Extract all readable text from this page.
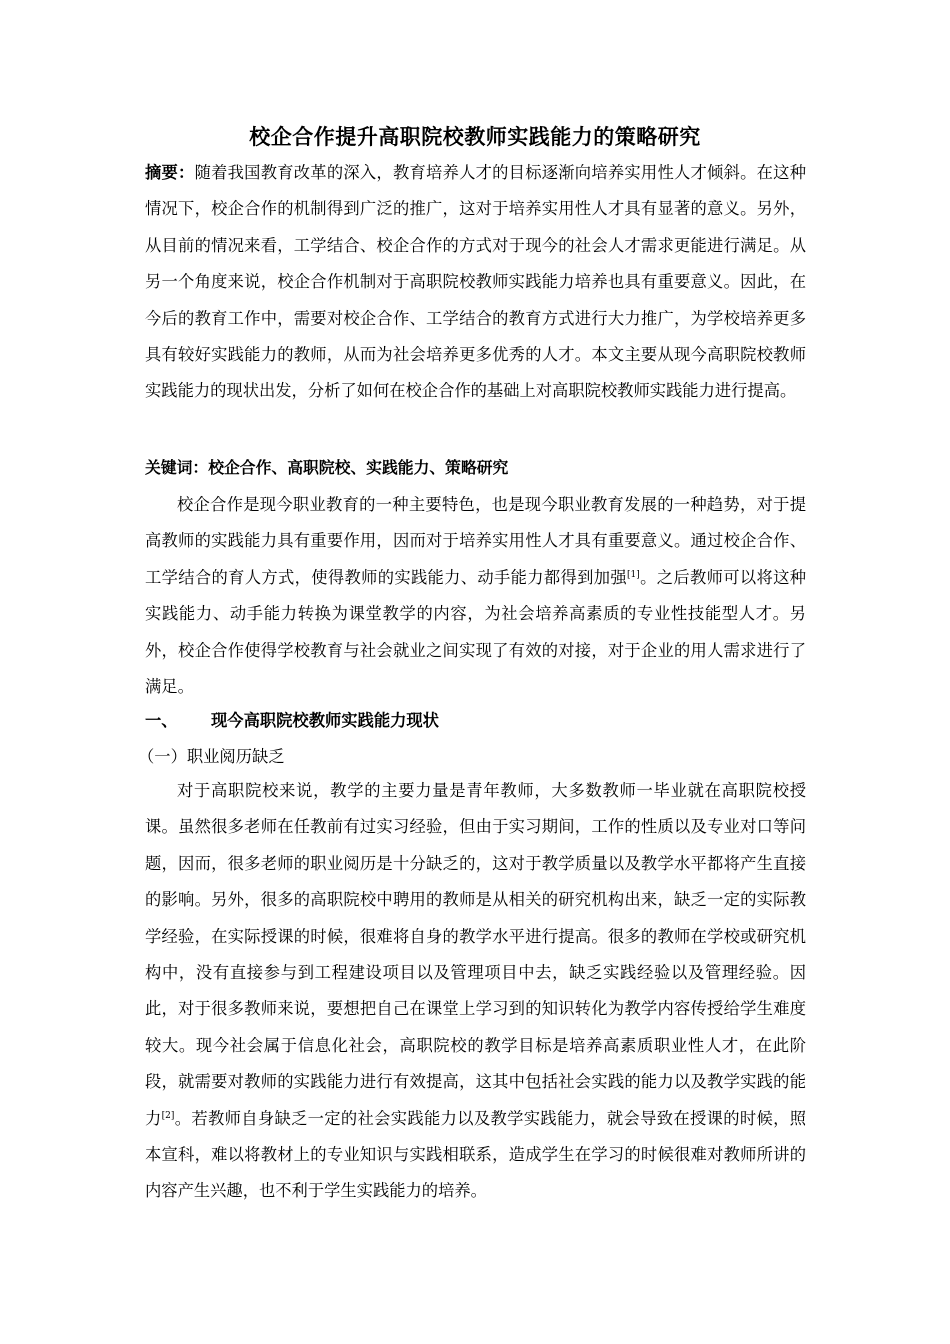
校企合作提升高职院校教师实践能力的策略研究
摘要：随着我国教育改革的深入，教育培养人才的目标逐渐向培养实用性人才倾斜。在这种情况下，校企合作的机制得到广泛的推广，这对于培养实用性人才具有显著的意义。另外，从目前的情况来看，工学结合、校企合作的方式对于现今的社会人才需求更能进行满足。从另一个角度来说，校企合作机制对于高职院校教师实践能力培养也具有重要意义。因此，在今后的教育工作中，需要对校企合作、工学结合的教育方式进行大力推广，为学校培养更多具有较好实践能力的教师，从而为社会培养更多优秀的人才。本文主要从现今高职院校教师实践能力的现状出发，分析了如何在校企合作的基础上对高职院校教师实践能力进行提高。
关键词：校企合作、高职院校、实践能力、策略研究
校企合作是现今职业教育的一种主要特色，也是现今职业教育发展的一种趋势，对于提高教师的实践能力具有重要作用，因而对于培养实用性人才具有重要意义。通过校企合作、工学结合的育人方式，使得教师的实践能力、动手能力都得到加强[1]。之后教师可以将这种实践能力、动手能力转换为课堂教学的内容，为社会培养高素质的专业性技能型人才。另外，校企合作使得学校教育与社会就业之间实现了有效的对接，对于企业的用人需求进行了满足。
一、 现今高职院校教师实践能力现状
（一）职业阅历缺乏
对于高职院校来说，教学的主要力量是青年教师，大多数教师一毕业就在高职院校授课。虽然很多老师在任教前有过实习经验，但由于实习期间，工作的性质以及专业对口等问题，因而，很多老师的职业阅历是十分缺乏的，这对于教学质量以及教学水平都将产生直接的影响。另外，很多的高职院校中聘用的教师是从相关的研究机构出来，缺乏一定的实际教学经验，在实际授课的时候，很难将自身的教学水平进行提高。很多的教师在学校或研究机构中，没有直接参与到工程建设项目以及管理项目中去，缺乏实践经验以及管理经验。因此，对于很多教师来说，要想把自己在课堂上学习到的知识转化为教学内容传授给学生难度较大。现今社会属于信息化社会，高职院校的教学目标是培养高素质职业性人才，在此阶段，就需要对教师的实践能力进行有效提高，这其中包括社会实践的能力以及教学实践的能力[2]。若教师自身缺乏一定的社会实践能力以及教学实践能力，就会导致在授课的时候，照本宣科，难以将教材上的专业知识与实践相联系，造成学生在学习的时候很难对教师所讲的内容产生兴趣，也不利于学生实践能力的培养。
